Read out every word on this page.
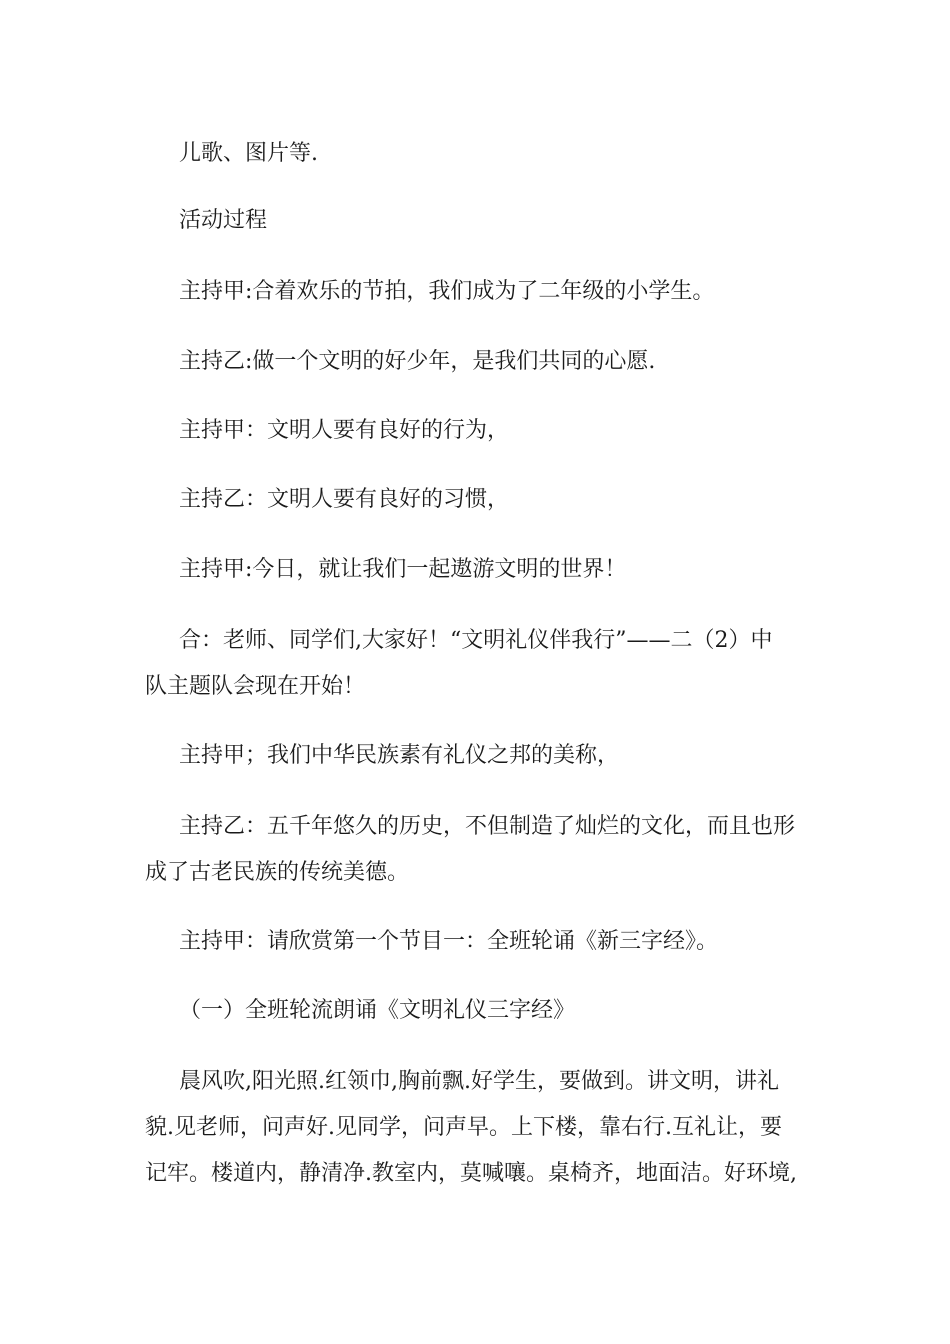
儿歌、图片等.

活动过程

主持甲:合着欢乐的节拍，我们成为了二年级的小学生。

主持乙:做一个文明的好少年，是我们共同的心愿.

主持甲：文明人要有良好的行为，

主持乙：文明人要有良好的习惯，

主持甲:今日，就让我们一起遨游文明的世界！

合：老师、同学们,大家好！“文明礼仪伴我行”——二（2）中
队主题队会现在开始！

主持甲；我们中华民族素有礼仪之邦的美称，

主持乙：五千年悠久的历史，不但制造了灿烂的文化，而且也形
成了古老民族的传统美德。

主持甲：请欣赏第一个节目一：全班轮诵《新三字经》。

（一）全班轮流朗诵《文明礼仪三字经》

晨风吹,阳光照.红领巾,胸前飘.好学生，要做到。讲文明，讲礼
貌.见老师，问声好.见同学，问声早。上下楼，靠右行.互礼让，要
记牢。楼道内，静清净.教室内，莫喊嚷。桌椅齐，地面洁。好环境,
